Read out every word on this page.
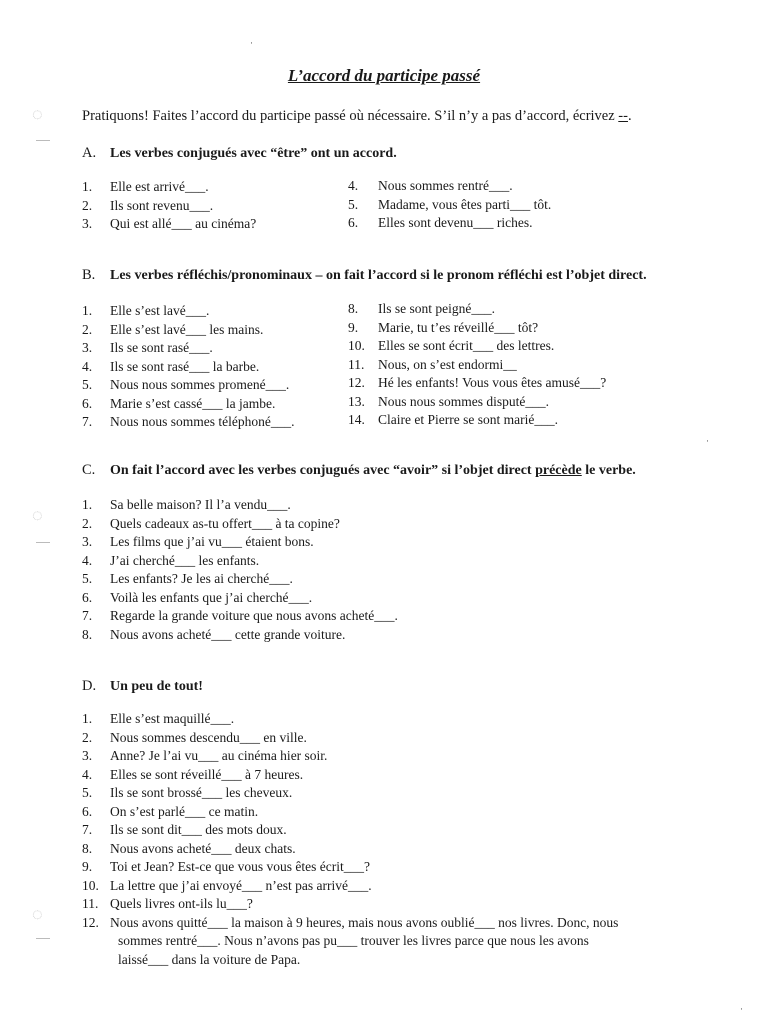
◌
◌
◌
·
·
·
L’accord du participe passé
Pratiquons! Faites l’accord du participe passé où nécessaire. S’il n’y a pas d’accord, écrivez --.
A. Les verbes conjugués avec “être” ont un accord.
1. Elle est arrivé___.
2. Ils sont revenu___.
3. Qui est allé___ au cinéma?
4. Nous sommes rentré___.
5. Madame, vous êtes parti___ tôt.
6. Elles sont devenu___ riches.
B. Les verbes réfléchis/pronominaux – on fait l’accord si le pronom réfléchi est l’objet direct.
1. Elle s’est lavé___.
2. Elle s’est lavé___ les mains.
3. Ils se sont rasé___.
4. Ils se sont rasé___ la barbe.
5. Nous nous sommes promené___.
6. Marie s’est cassé___ la jambe.
7. Nous nous sommes téléphoné___.
8. Ils se sont peigné___.
9. Marie, tu t’es réveillé___ tôt?
10. Elles se sont écrit___ des lettres.
11. Nous, on s’est endormi__
12. Hé les enfants! Vous vous êtes amusé___?
13. Nous nous sommes disputé___.
14. Claire et Pierre se sont marié___.
C. On fait l’accord avec les verbes conjugués avec “avoir” si l’objet direct précède le verbe.
1. Sa belle maison? Il l’a vendu___.
2. Quels cadeaux as-tu offert___ à ta copine?
3. Les films que j’ai vu___ étaient bons.
4. J’ai cherché___ les enfants.
5. Les enfants? Je les ai cherché___.
6. Voilà les enfants que j’ai cherché___.
7. Regarde la grande voiture que nous avons acheté___.
8. Nous avons acheté___ cette grande voiture.
D. Un peu de tout!
1. Elle s’est maquillé___.
2. Nous sommes descendu___ en ville.
3. Anne? Je l’ai vu___ au cinéma hier soir.
4. Elles se sont réveillé___ à 7 heures.
5. Ils se sont brossé___ les cheveux.
6. On s’est parlé___ ce matin.
7. Ils se sont dit___ des mots doux.
8. Nous avons acheté___ deux chats.
9. Toi et Jean? Est-ce que vous vous êtes écrit___?
10. La lettre que j’ai envoyé___ n’est pas arrivé___.
11. Quels livres ont-ils lu___?
12. Nous avons quitté___ la maison à 9 heures, mais nous avons oublié___ nos livres. Donc, nous
sommes rentré___. Nous n’avons pas pu___ trouver les livres parce que nous les avons
laissé___ dans la voiture de Papa.
